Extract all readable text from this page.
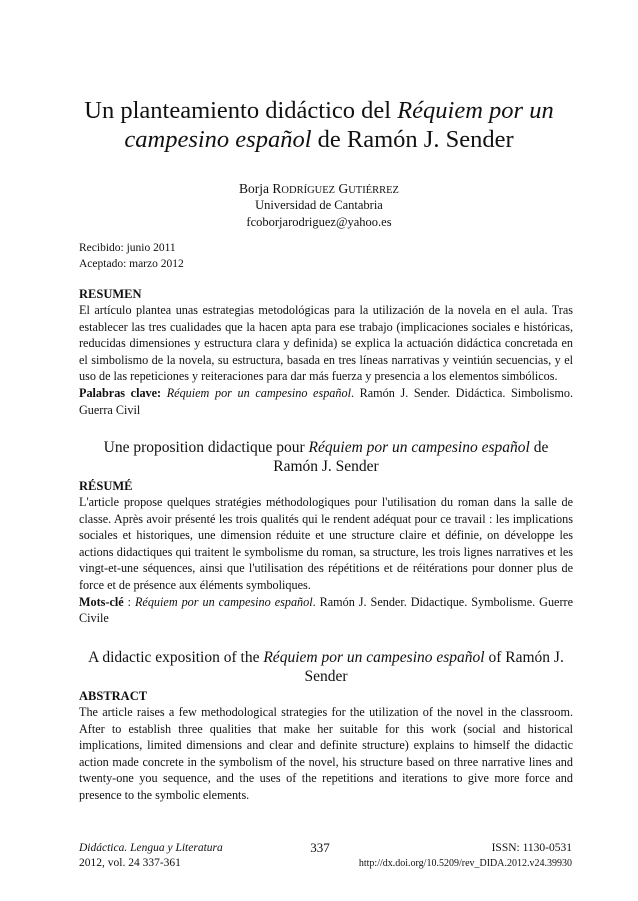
Un planteamiento didáctico del Réquiem por un
campesino español de Ramón J. Sender
Borja RODRÍGUEZ GUTIÉRREZ
Universidad de Cantabria
fcoborjarodriguez@yahoo.es
Recibido: junio 2011
Aceptado: marzo 2012
RESUMEN

El artículo plantea unas estrategias metodológicas para la utilización de la novela en el aula. Tras establecer las tres cualidades que la hacen apta para ese trabajo (implicaciones sociales e históricas, reducidas dimensiones y estructura clara y definida) se explica la actuación didáctica concretada en el simbolismo de la novela, su estructura, basada en tres líneas narrativas y veintiún secuencias, y el uso de las repeticiones y reiteraciones para dar más fuerza y presencia a los elementos simbólicos.

Palabras clave: Réquiem por un campesino español. Ramón J. Sender. Didáctica. Simbolismo. Guerra Civil

Une proposition didactique pour Réquiem por un campesino español de Ramón J. Sender
RÉSUMÉ

L'article propose quelques stratégies méthodologiques pour l'utilisation du roman dans la salle de classe. Après avoir présenté les trois qualités qui le rendent adéquat pour ce travail : les implications sociales et historiques, une dimension réduite et une structure claire et définie, on développe les actions didactiques qui traitent le symbolisme du roman, sa structure, les trois lignes narratives et les vingt-et-une séquences, ainsi que l'utilisation des répétitions et de réitérations pour donner plus de force et de présence aux éléments symboliques.

Mots-clé : Réquiem por un campesino español. Ramón J. Sender. Didactique. Symbolisme. Guerre Civile

A didactic exposition of the Réquiem por un campesino español of Ramón J. Sender
ABSTRACT

The article raises a few methodological strategies for the utilization of the novel in the classroom. After to establish three qualities that make her suitable for this work (social and historical implications, limited dimensions and clear and definite structure) explains to himself the didactic action made concrete in the symbolism of the novel, his structure based on three narrative lines and twenty-one you sequence, and the uses of the repetitions and iterations to give more force and presence to the symbolic elements.

Didáctica. Lengua y Literatura
2012, vol. 24 337-361
337	ISSN: 1130-0531
http://dx.doi.org/10.5209/rev_DIDA.2012.v24.39930
